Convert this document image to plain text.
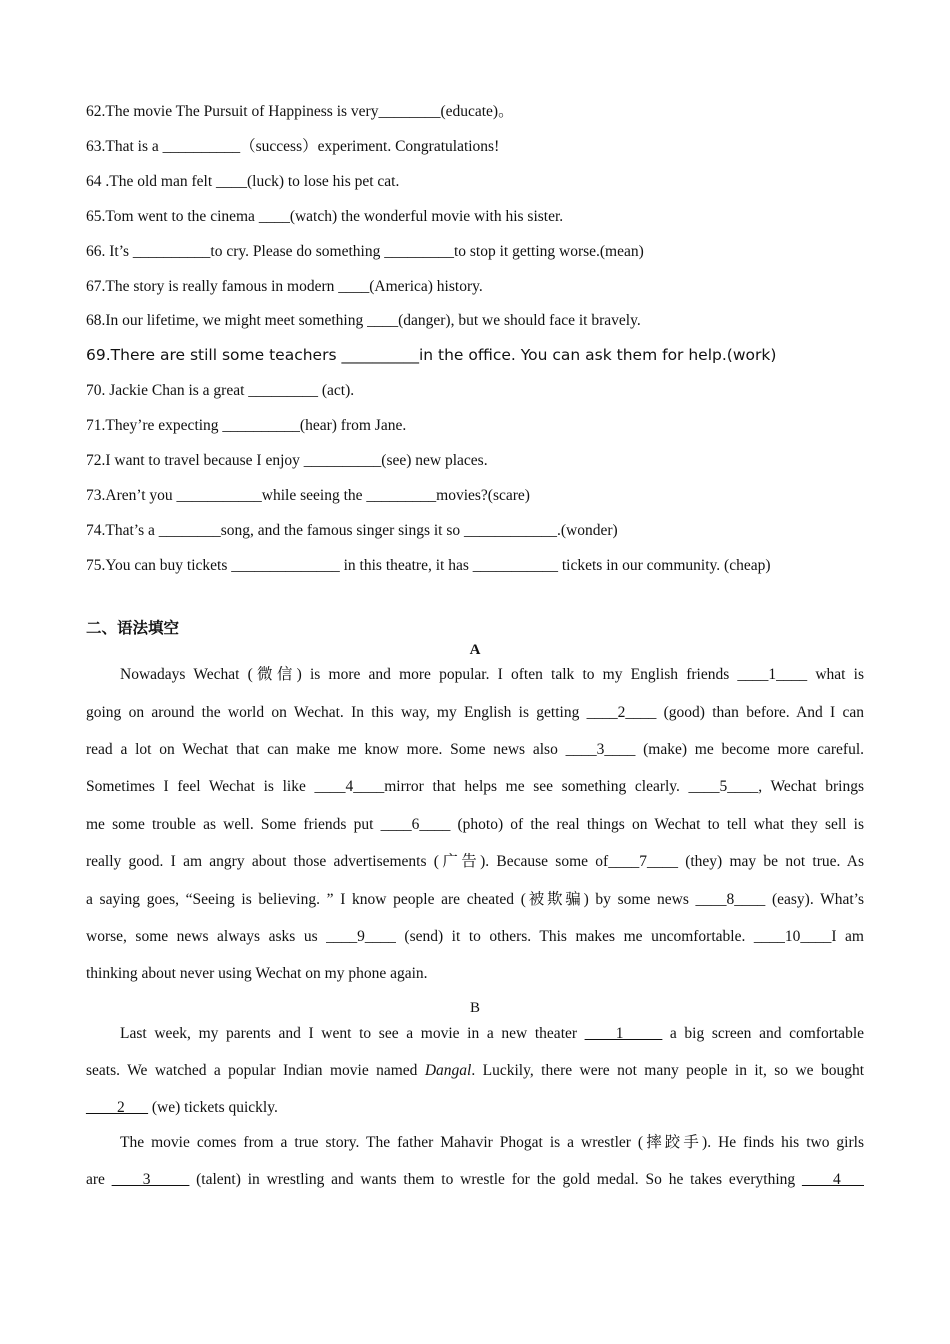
62.The movie The Pursuit of Happiness is very________(educate)。
63.That is a __________（success）experiment. Congratulations!
64 .The old man felt ____(luck) to lose his pet cat.
65.Tom went to the cinema ____(watch) the wonderful movie with his sister.
66. It’s __________to cry. Please do something _________to stop it getting worse.(mean)
67.The story is really famous in modern ____(America) history.
68.In our lifetime, we might meet something ____(danger), but we should face it bravely.
69.There are still some teachers __________in the office. You can ask them for help.(work)
70. Jackie Chan is a great _________ (act).
71.They’re expecting __________(hear) from Jane.
72.I want to travel because I enjoy __________(see) new places.
73.Aren’t you ___________while seeing the _________movies?(scare)
74.That’s a ________song, and the famous singer sings it so ____________.(wonder)
75.You can buy tickets ______________ in this theatre, it has ___________ tickets in our community. (cheap)
二、语法填空
A
Nowadays Wechat (微信) is more and more popular. I often talk to my English friends ____1____ what is
going on around the world on Wechat. In this way, my English is getting ____2____ (good) than before. And I can
read a lot on Wechat that can make me know more. Some news also ____3____ (make) me become more careful.
Sometimes I feel Wechat is like ____4____mirror that helps me see something clearly. ____5____, Wechat brings
me some trouble as well. Some friends put ____6____ (photo) of the real things on Wechat to tell what they sell is
really good. I am angry about those advertisements (广告). Because some of____7____ (they) may be not true. As
a saying goes, “Seeing is believing. ” I know people are cheated (被欺骗) by some news ____8____ (easy). What’s
worse, some news always asks us ____9____ (send) it to others. This makes me uncomfortable. ____10____I am
thinking about never using Wechat on my phone again.
B
Last week, my parents and I went to see a movie in a new theater ____1_____ a big screen and comfortable
seats. We watched a popular Indian movie named Dangal. Luckily, there were not many people in it, so we bought
____2___ (we) tickets quickly.
The movie comes from a true story. The father Mahavir Phogat is a wrestler (摔跤手). He finds his two girls
are ____3_____ (talent) in wrestling and wants them to wrestle for the gold medal. So he takes everything ____4___
